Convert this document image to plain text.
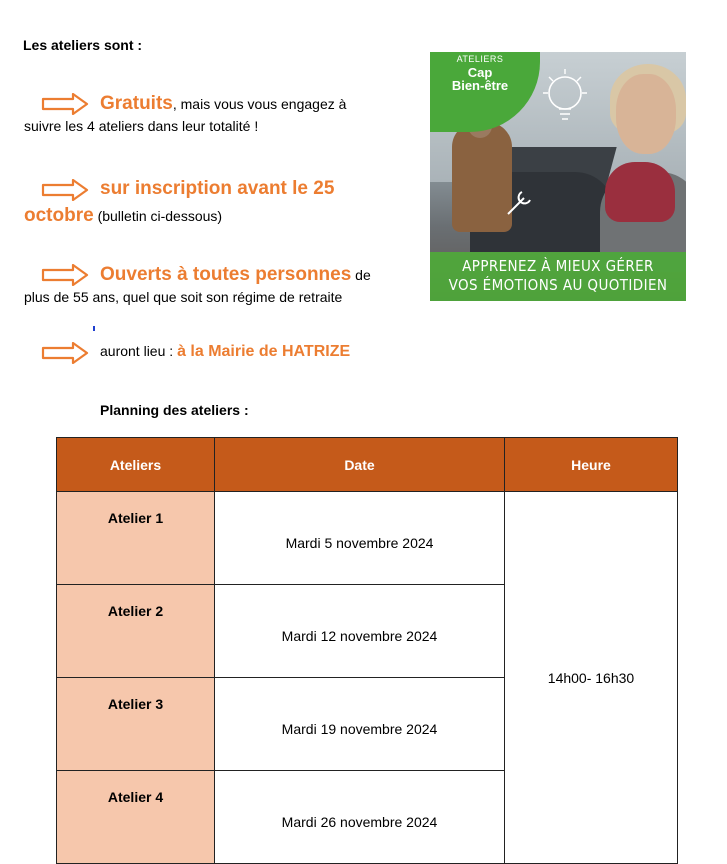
Les ateliers sont :
Gratuits, mais vous vous engagez à
suivre les 4 ateliers dans leur totalité !
sur inscription avant le 25
octobre (bulletin ci-dessous)
Ouverts à toutes personnes de
plus de 55 ans, quel que soit son régime de retraite
auront lieu : à la Mairie de HATRIZE
ATELIERS
Cap
Bien-être
APPRENEZ À MIEUX GÉRER
VOS ÉMOTIONS AU QUOTIDIEN
Planning des ateliers :
Ateliers	Date	Heure
Atelier 1	Mardi 5 novembre 2024	14h00- 16h30
Atelier 2	Mardi 12 novembre 2024	
Atelier 3	Mardi 19 novembre 2024	
Atelier 4	Mardi 26 novembre 2024	
